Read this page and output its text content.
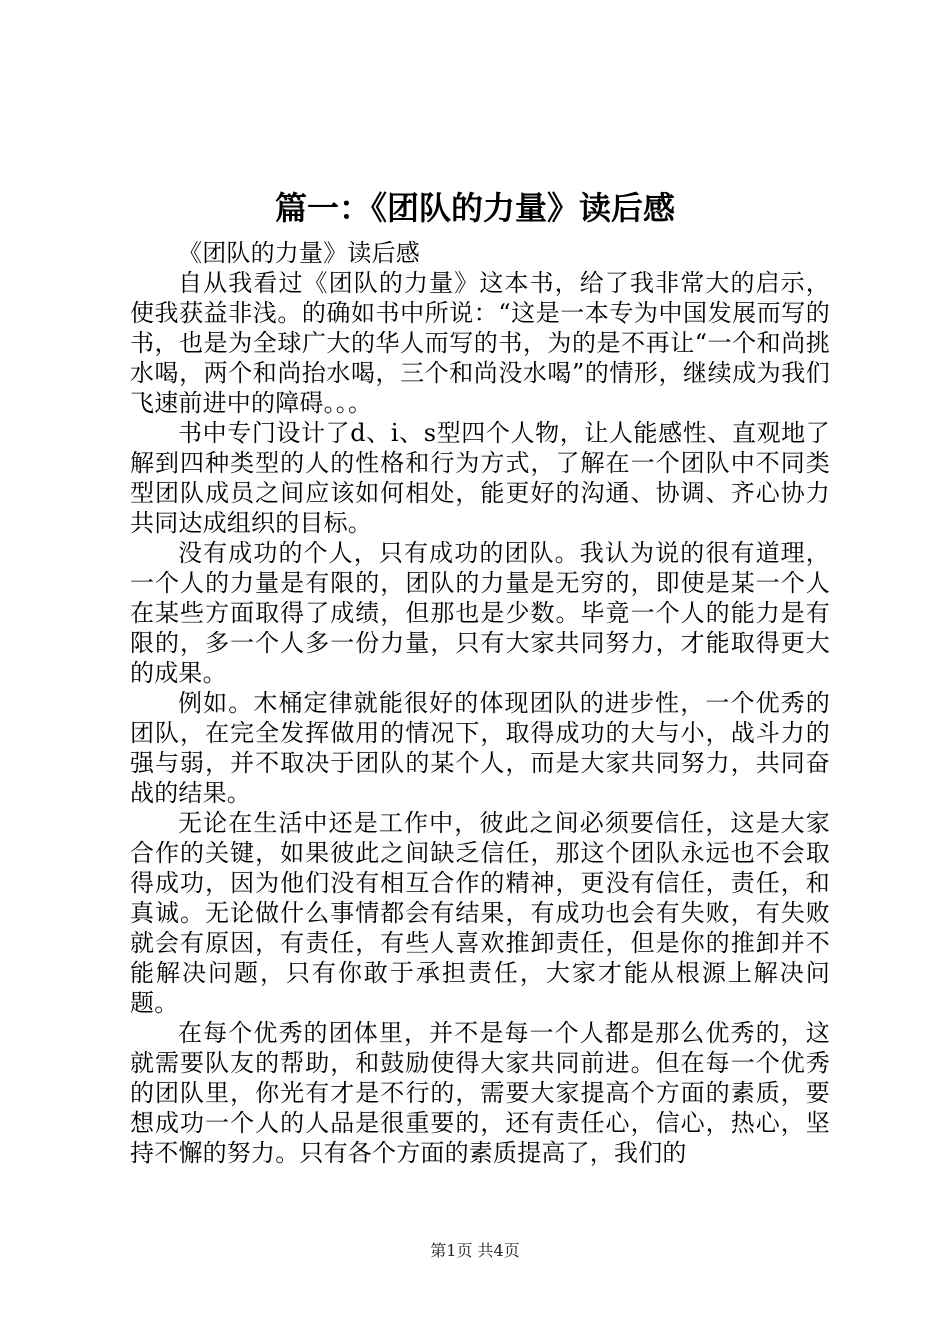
篇一：《团队的力量》读后感

《团队的力量》读后感

自从我看过《团队的力量》这本书，给了我非常大的启示，使我获益非浅。的确如书中所说：“这是一本专为中国发展而写的书，也是为全球广大的华人而写的书，为的是不再让“一个和尚挑水喝，两个和尚抬水喝，三个和尚没水喝”的情形，继续成为我们飞速前进中的障碍。。。

书中专门设计了d、i、s型四个人物，让人能感性、直观地了解到四种类型的人的性格和行为方式，了解在一个团队中不同类型团队成员之间应该如何相处，能更好的沟通、协调、齐心协力共同达成组织的目标。

没有成功的个人，只有成功的团队。我认为说的很有道理，一个人的力量是有限的，团队的力量是无穷的，即使是某一个人在某些方面取得了成绩，但那也是少数。毕竟一个人的能力是有限的，多一个人多一份力量，只有大家共同努力，才能取得更大的成果。

例如。木桶定律就能很好的体现团队的进步性，一个优秀的团队，在完全发挥做用的情况下，取得成功的大与小，战斗力的强与弱，并不取决于团队的某个人，而是大家共同努力，共同奋战的结果。

无论在生活中还是工作中，彼此之间必须要信任，这是大家合作的关键，如果彼此之间缺乏信任，那这个团队永远也不会取得成功，因为他们没有相互合作的精神，更没有信任，责任，和真诚。无论做什么事情都会有结果，有成功也会有失败，有失败就会有原因，有责任，有些人喜欢推卸责任，但是你的推卸并不能解决问题，只有你敢于承担责任，大家才能从根源上解决问题。

在每个优秀的团体里，并不是每一个人都是那么优秀的，这就需要队友的帮助，和鼓励使得大家共同前进。但在每一个优秀的团队里，你光有才是不行的，需要大家提高个方面的素质，要想成功一个人的人品是很重要的，还有责任心，信心，热心，坚持不懈的努力。只有各个方面的素质提高了，我们的

第1页 共4页
